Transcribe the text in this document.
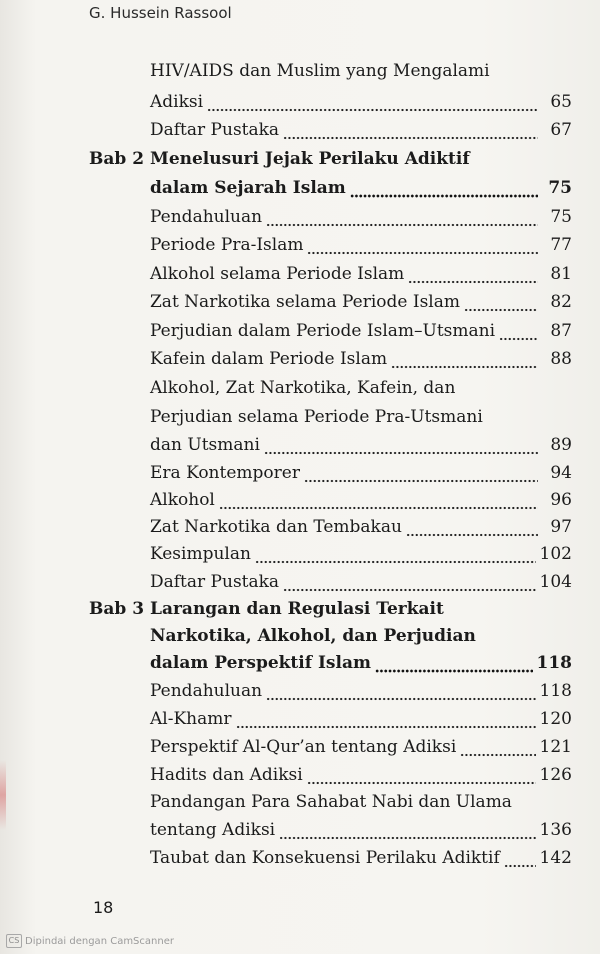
G. Hussein Rassool
HIV/AIDS dan Muslim yang Mengalami
Adiksi	65
Daftar Pustaka	67
Bab 2 Menelusuri Jejak Perilaku Adiktif
dalam Sejarah Islam	75
Pendahuluan	75
Periode Pra-Islam	77
Alkohol selama Periode Islam	81
Zat Narkotika selama Periode Islam	82
Perjudian dalam Periode Islam–Utsmani	87
Kafein dalam Periode Islam	88
Alkohol, Zat Narkotika, Kafein, dan
Perjudian selama Periode Pra-Utsmani
dan Utsmani	89
Era Kontemporer	94
Alkohol	96
Zat Narkotika dan Tembakau	97
Kesimpulan	102
Daftar Pustaka	104
Bab 3 Larangan dan Regulasi Terkait
Narkotika, Alkohol, dan Perjudian
dalam Perspektif Islam	118
Pendahuluan	118
Al-Khamr	120
Perspektif Al-Qur’an tentang Adiksi	121
Hadits dan Adiksi	126
Pandangan Para Sahabat Nabi dan Ulama
tentang Adiksi	136
Taubat dan Konsekuensi Perilaku Adiktif 142
18
CS Dipindai dengan CamScanner
